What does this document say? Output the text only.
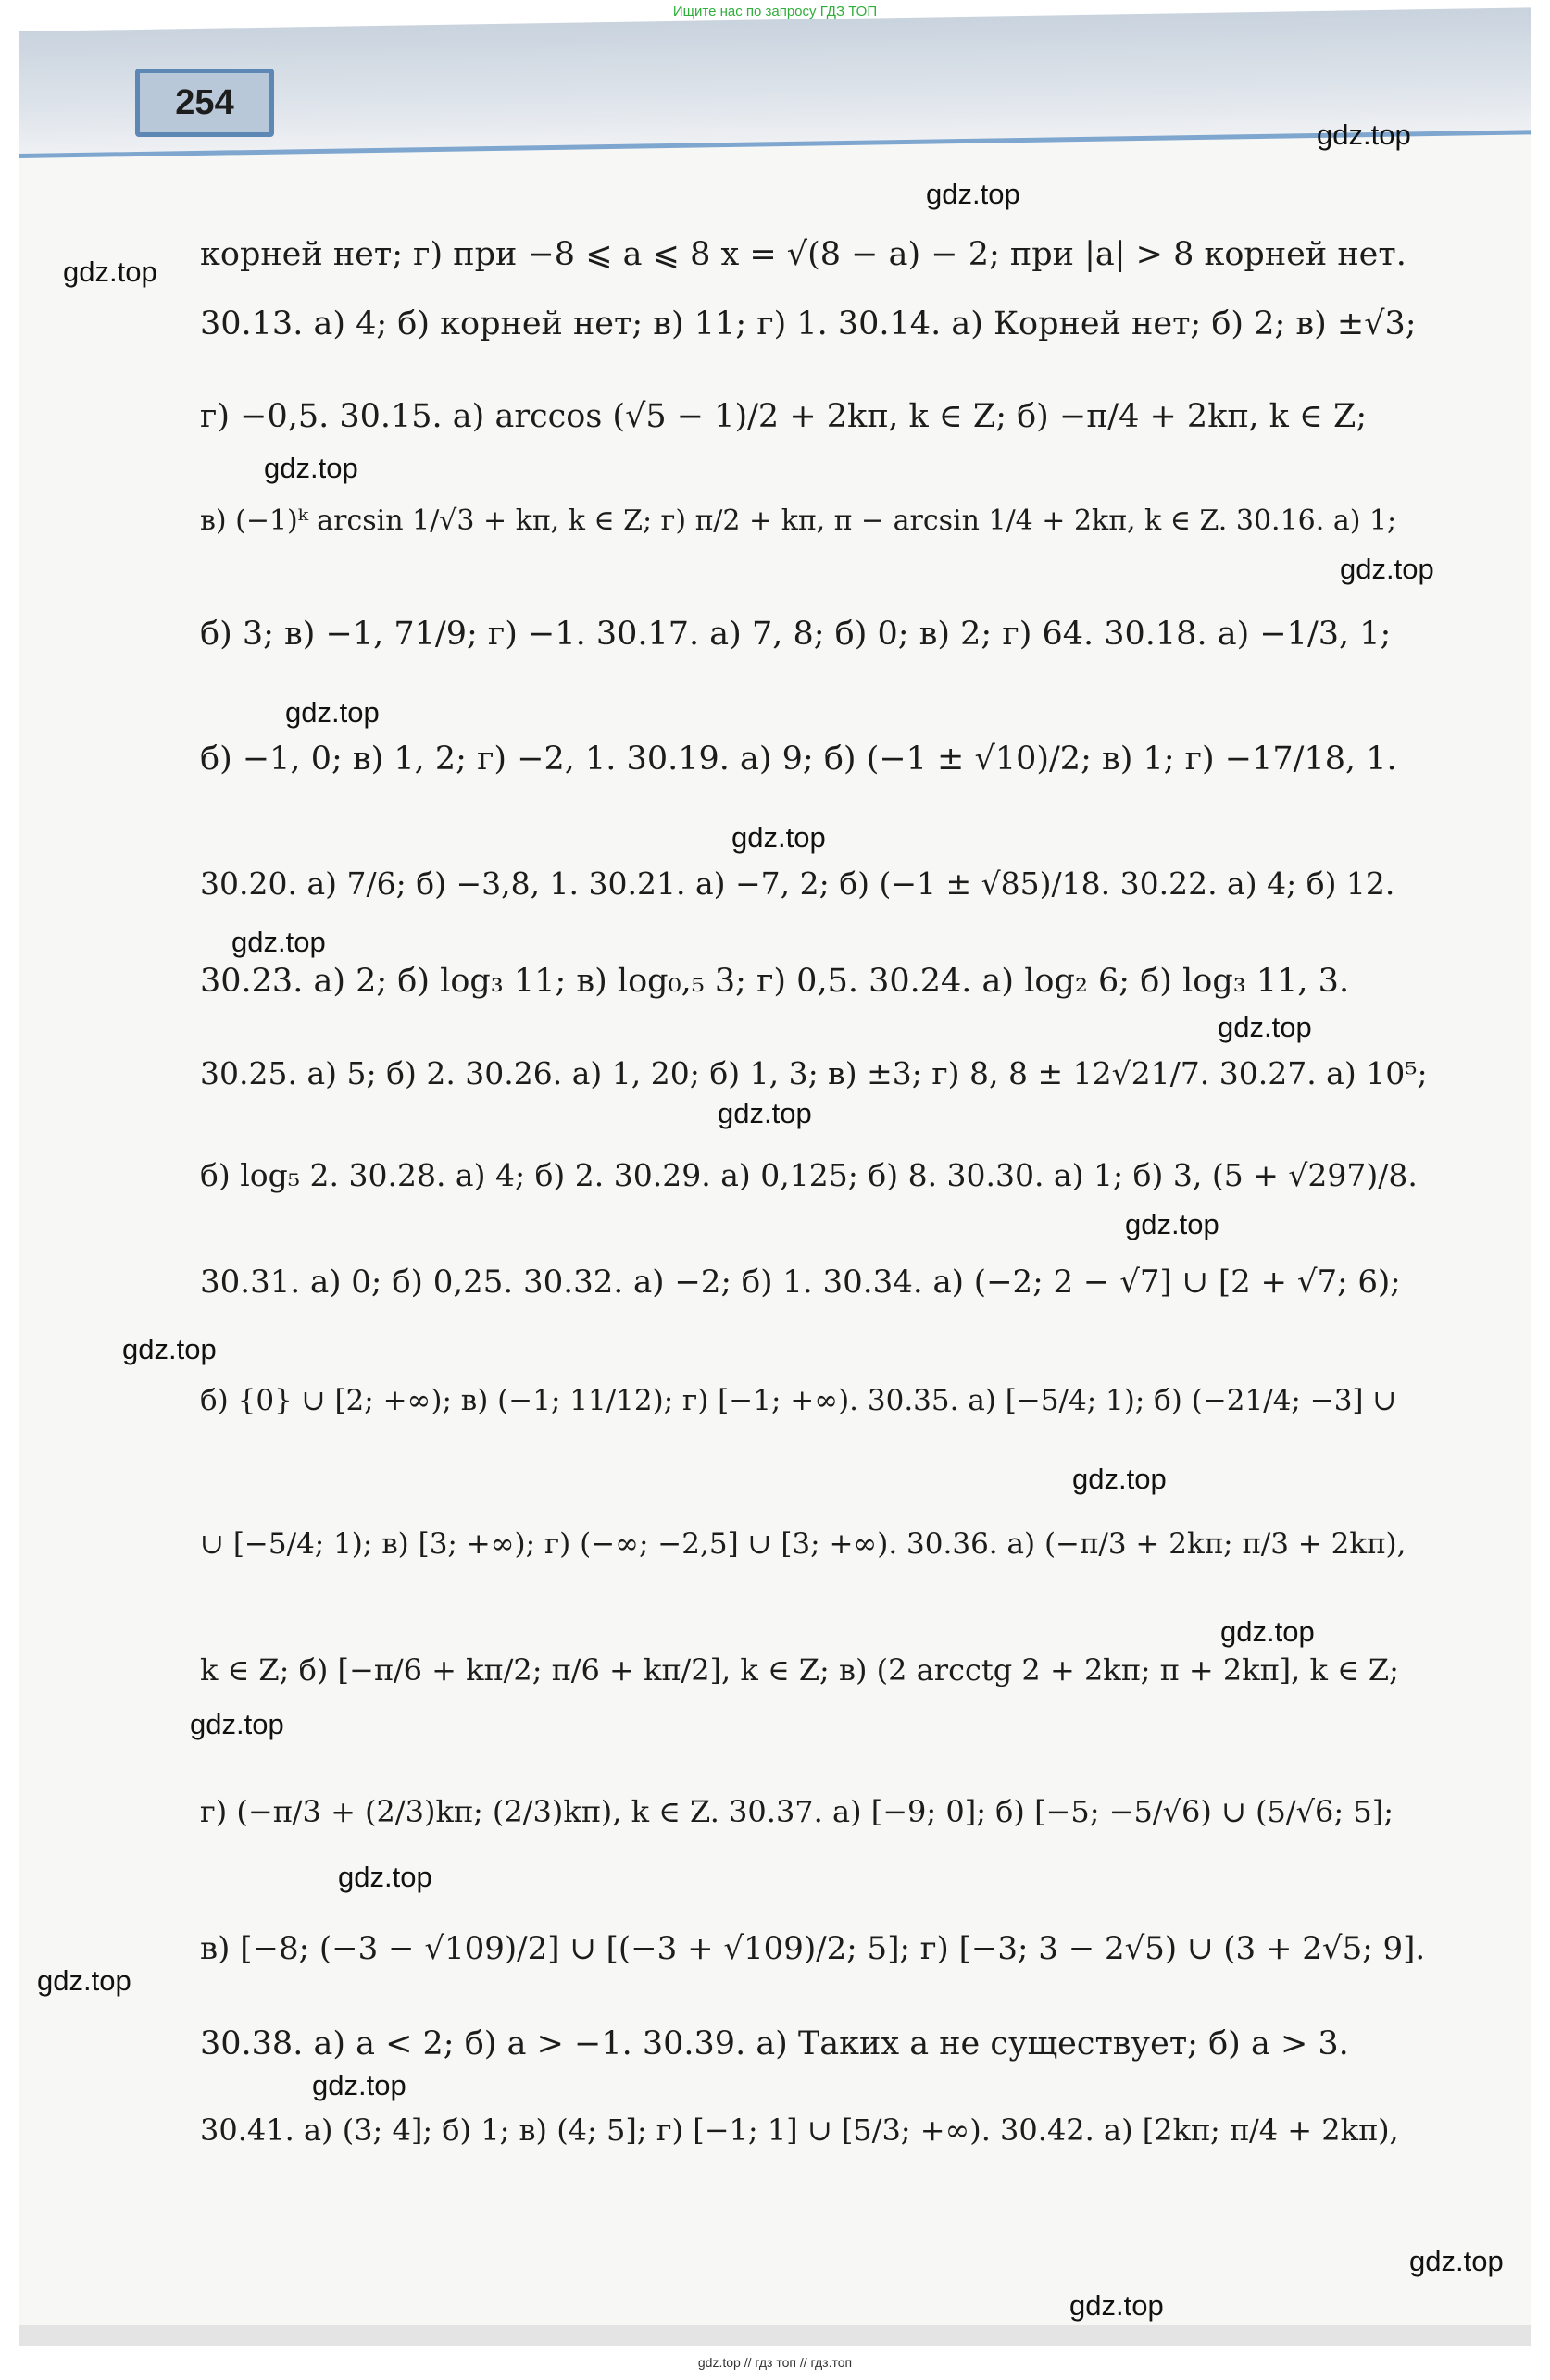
Ищите нас по запросу ГДЗ ТОП
254
корней нет; г) при −8 ⩽ a ⩽ 8 x = √(8 − a) − 2; при |a| > 8 корней нет.
30.13. а) 4; б) корней нет; в) 11; г) 1. 30.14. а) Корней нет; б) 2; в) ±√3;
г) −0,5. 30.15. а) arccos (√5 − 1)/2 + 2kπ, k ∈ Z; б) −π/4 + 2kπ, k ∈ Z;
в) (−1)ᵏ arcsin 1/√3 + kπ, k ∈ Z; г) π/2 + kπ, π − arcsin 1/4 + 2kπ, k ∈ Z. 30.16. а) 1;
б) 3; в) −1, 71/9; г) −1. 30.17. а) 7, 8; б) 0; в) 2; г) 64. 30.18. а) −1/3, 1;
б) −1, 0; в) 1, 2; г) −2, 1. 30.19. а) 9; б) (−1 ± √10)/2; в) 1; г) −17/18, 1.
30.20. а) 7/6; б) −3,8, 1. 30.21. а) −7, 2; б) (−1 ± √85)/18. 30.22. а) 4; б) 12.
30.23. а) 2; б) log₃ 11; в) log₀,₅ 3; г) 0,5. 30.24. а) log₂ 6; б) log₃ 11, 3.
30.25. а) 5; б) 2. 30.26. а) 1, 20; б) 1, 3; в) ±3; г) 8, 8 ± 12√21/7. 30.27. а) 10⁵;
б) log₅ 2. 30.28. а) 4; б) 2. 30.29. а) 0,125; б) 8. 30.30. а) 1; б) 3, (5 + √297)/8.
30.31. а) 0; б) 0,25. 30.32. а) −2; б) 1. 30.34. а) (−2; 2 − √7] ∪ [2 + √7; 6);
б) {0} ∪ [2; +∞); в) (−1; 11/12); г) [−1; +∞). 30.35. а) [−5/4; 1); б) (−21/4; −3] ∪
∪ [−5/4; 1); в) [3; +∞); г) (−∞; −2,5] ∪ [3; +∞). 30.36. а) (−π/3 + 2kπ; π/3 + 2kπ),
k ∈ Z; б) [−π/6 + kπ/2; π/6 + kπ/2], k ∈ Z; в) (2 arcctg 2 + 2kπ; π + 2kπ], k ∈ Z;
г) (−π/3 + (2/3)kπ; (2/3)kπ), k ∈ Z. 30.37. а) [−9; 0]; б) [−5; −5/√6) ∪ (5/√6; 5];
в) [−8; (−3 − √109)/2] ∪ [(−3 + √109)/2; 5]; г) [−3; 3 − 2√5) ∪ (3 + 2√5; 9].
30.38. а) a < 2; б) a > −1. 30.39. а) Таких a не существует; б) a > 3.
30.41. а) (3; 4]; б) 1; в) (4; 5]; г) [−1; 1] ∪ [5/3; +∞). 30.42. а) [2kπ; π/4 + 2kπ),
gdz.top
gdz.top
gdz.top
gdz.top
gdz.top
gdz.top
gdz.top
gdz.top
gdz.top
gdz.top
gdz.top
gdz.top
gdz.top
gdz.top
gdz.top
gdz.top
gdz.top
gdz.top
gdz.top
gdz.top
gdz.top // гдз топ // гдз.топ
